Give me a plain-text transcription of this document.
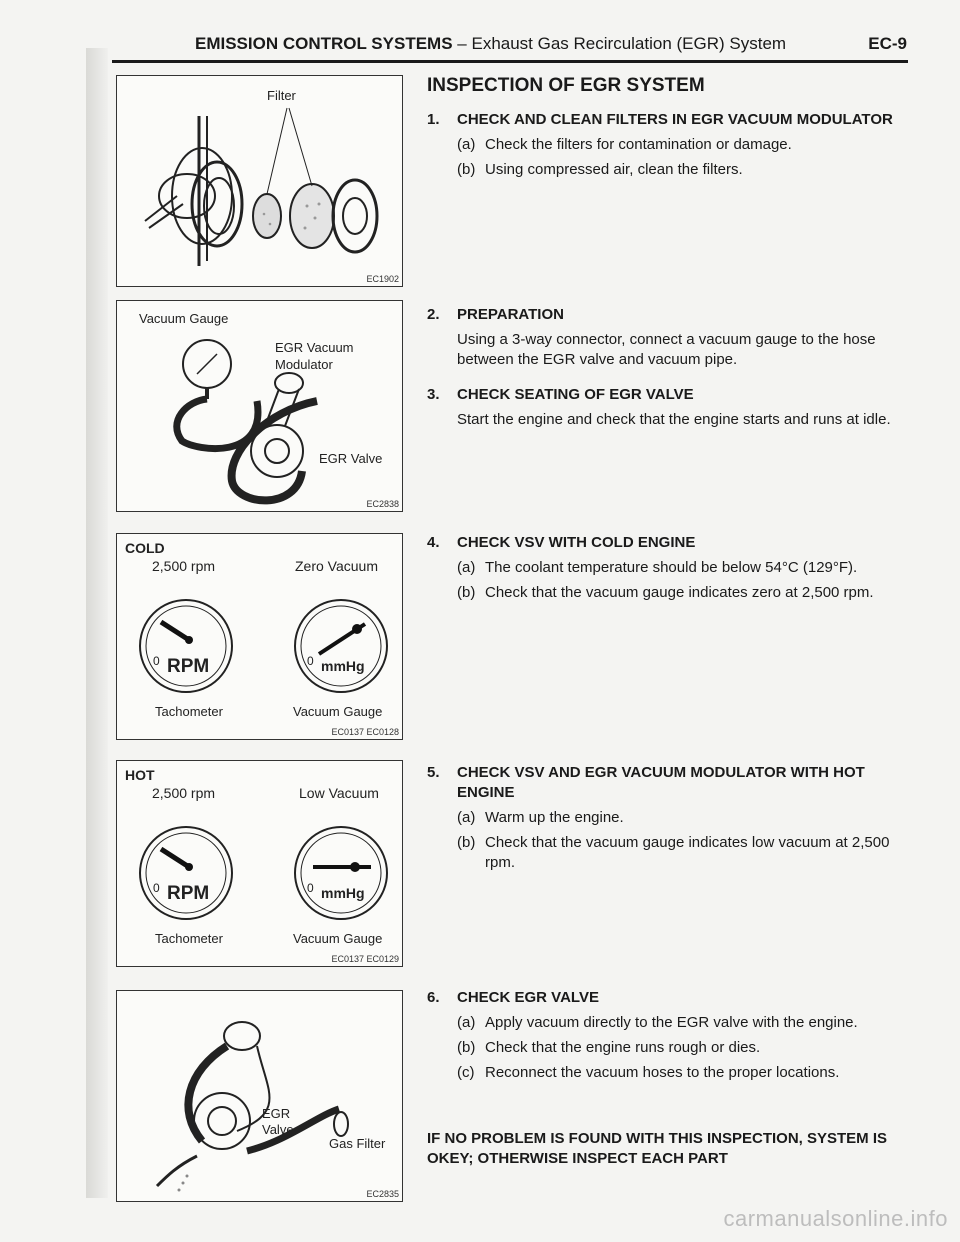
EMISSION CONTROL SYSTEMS – Exhaust Gas Recirculation (EGR) System	EC-9
Filter
EC1902
Vacuum Gauge
EGR Vacuum Modulator
EGR Valve
EC2838
COLD
2,500 rpm	Zero Vacuum
0 RPM	0 mmHg
Tachometer	Vacuum Gauge
EC0137 EC0128
HOT
2,500 rpm	Low Vacuum
0 RPM	0 mmHg
Tachometer	Vacuum Gauge
EC0137 EC0129
EGR Valve
Gas Filter
EC2835
INSPECTION OF EGR SYSTEM
1.	CHECK AND CLEAN FILTERS IN EGR VACUUM MODULATOR
(a) Check the filters for contamination or damage.
(b) Using compressed air, clean the filters.
2.	PREPARATION
Using a 3-way connector, connect a vacuum gauge to the hose between the EGR valve and vacuum pipe.
3.	CHECK SEATING OF EGR VALVE
Start the engine and check that the engine starts and runs at idle.
4.	CHECK VSV WITH COLD ENGINE
(a) The coolant temperature should be below 54°C (129°F).
(b) Check that the vacuum gauge indicates zero at 2,500 rpm.
5.	CHECK VSV AND EGR VACUUM MODULATOR WITH HOT ENGINE
(a) Warm up the engine.
(b) Check that the vacuum gauge indicates low vacuum at 2,500 rpm.
6.	CHECK EGR VALVE
(a) Apply vacuum directly to the EGR valve with the engine.
(b) Check that the engine runs rough or dies.
(c) Reconnect the vacuum hoses to the proper locations.
IF NO PROBLEM IS FOUND WITH THIS INSPECTION, SYSTEM IS OKEY; OTHERWISE INSPECT EACH PART
carmanualsonline.info
